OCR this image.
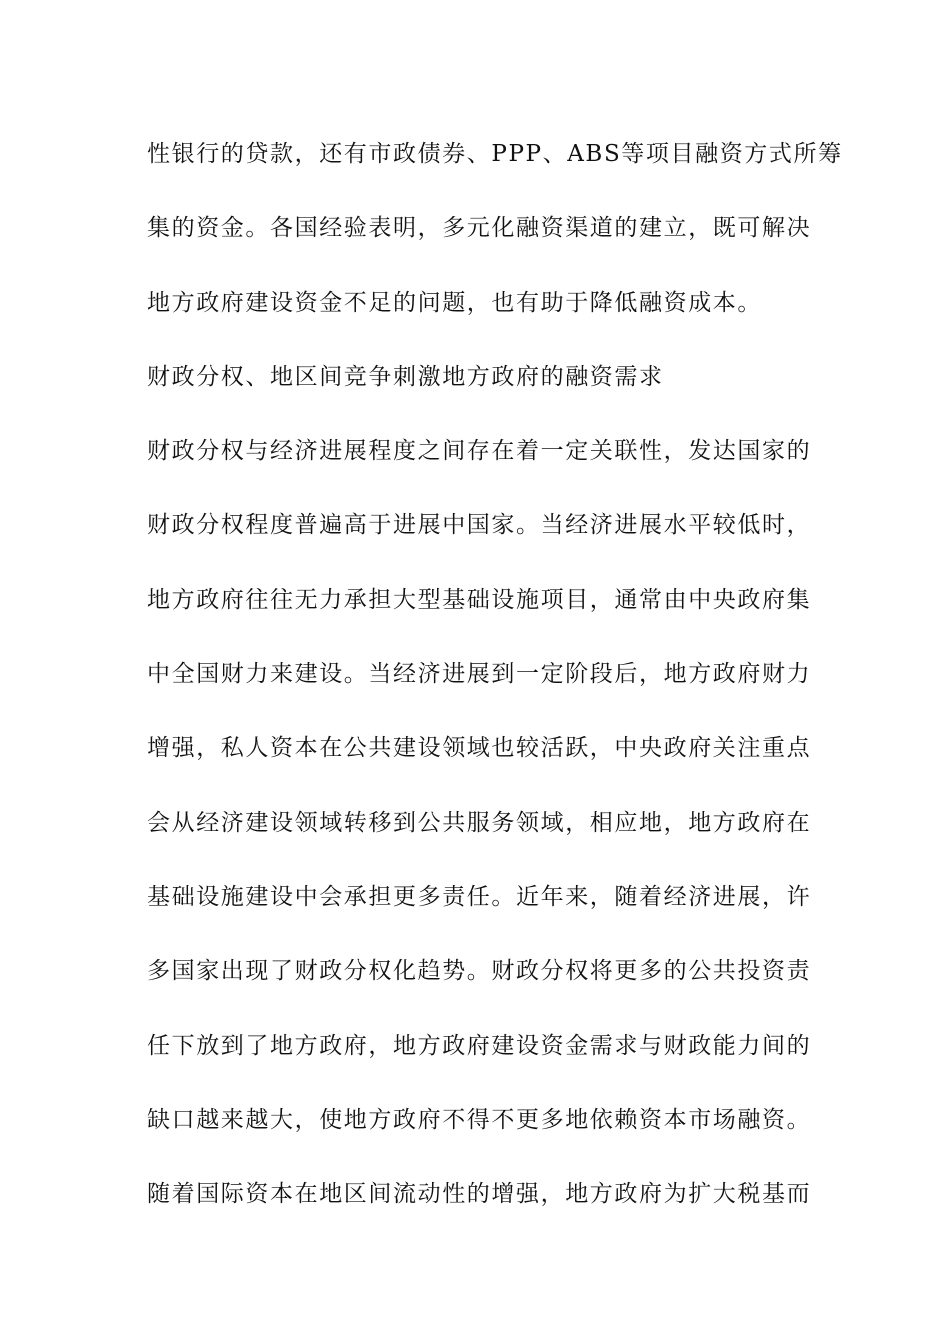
性银行的贷款，还有市政债券、PPP、ABS等项目融资方式所筹
集的资金。各国经验表明，多元化融资渠道的建立，既可解决
地方政府建设资金不足的问题，也有助于降低融资成本。
财政分权、地区间竞争刺激地方政府的融资需求
财政分权与经济进展程度之间存在着一定关联性，发达国家的
财政分权程度普遍高于进展中国家。当经济进展水平较低时，
地方政府往往无力承担大型基础设施项目，通常由中央政府集
中全国财力来建设。当经济进展到一定阶段后，地方政府财力
增强，私人资本在公共建设领域也较活跃，中央政府关注重点
会从经济建设领域转移到公共服务领域，相应地，地方政府在
基础设施建设中会承担更多责任。近年来，随着经济进展，许
多国家出现了财政分权化趋势。财政分权将更多的公共投资责
任下放到了地方政府，地方政府建设资金需求与财政能力间的
缺口越来越大，使地方政府不得不更多地依赖资本市场融资。
随着国际资本在地区间流动性的增强，地方政府为扩大税基而
